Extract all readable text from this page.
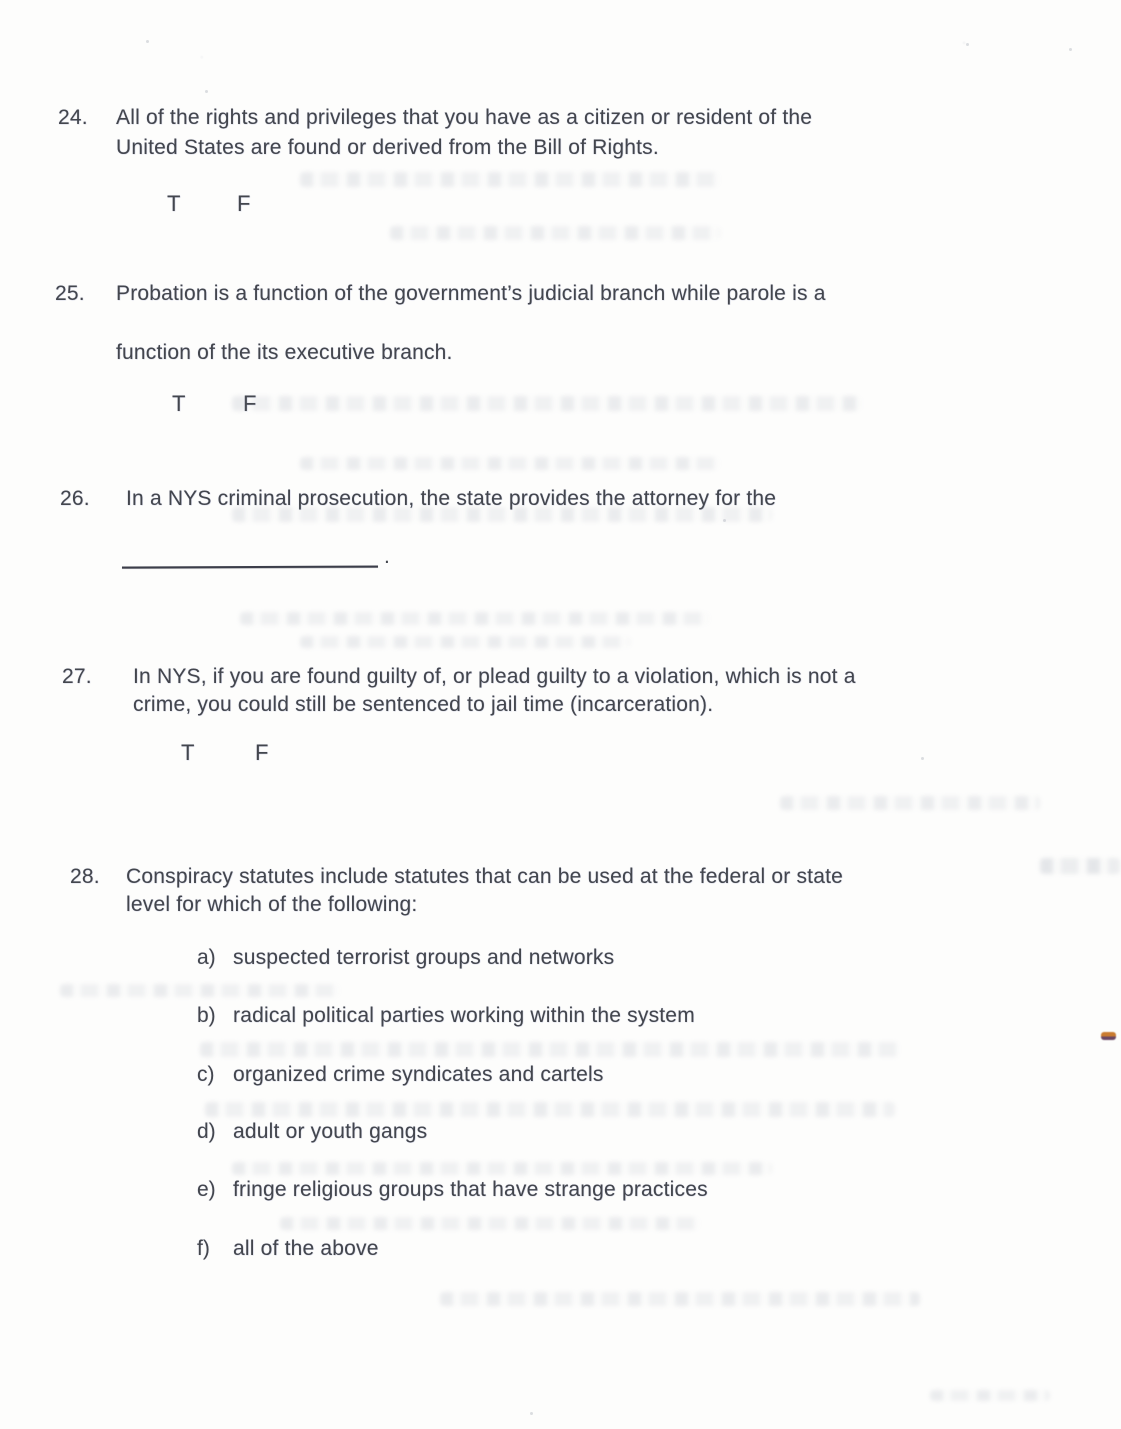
24. All of the rights and privileges that you have as a citizen or resident of the
United States are found or derived from the Bill of Rights.
T	F
25. Probation is a function of the government’s judicial branch while parole is a
function of the its executive branch.
T	F
26. In a NYS criminal prosecution, the state provides the attorney for the
.
27. In NYS, if you are found guilty of, or plead guilty to a violation, which is not a
crime, you could still be sentenced to jail time (incarceration).
T	F
28. Conspiracy statutes include statutes that can be used at the federal or state
level for which of the following:
a) suspected terrorist groups and networks
b) radical political parties working within the system
c) organized crime syndicates and cartels
d) adult or youth gangs
e) fringe religious groups that have strange practices
f) all of the above
